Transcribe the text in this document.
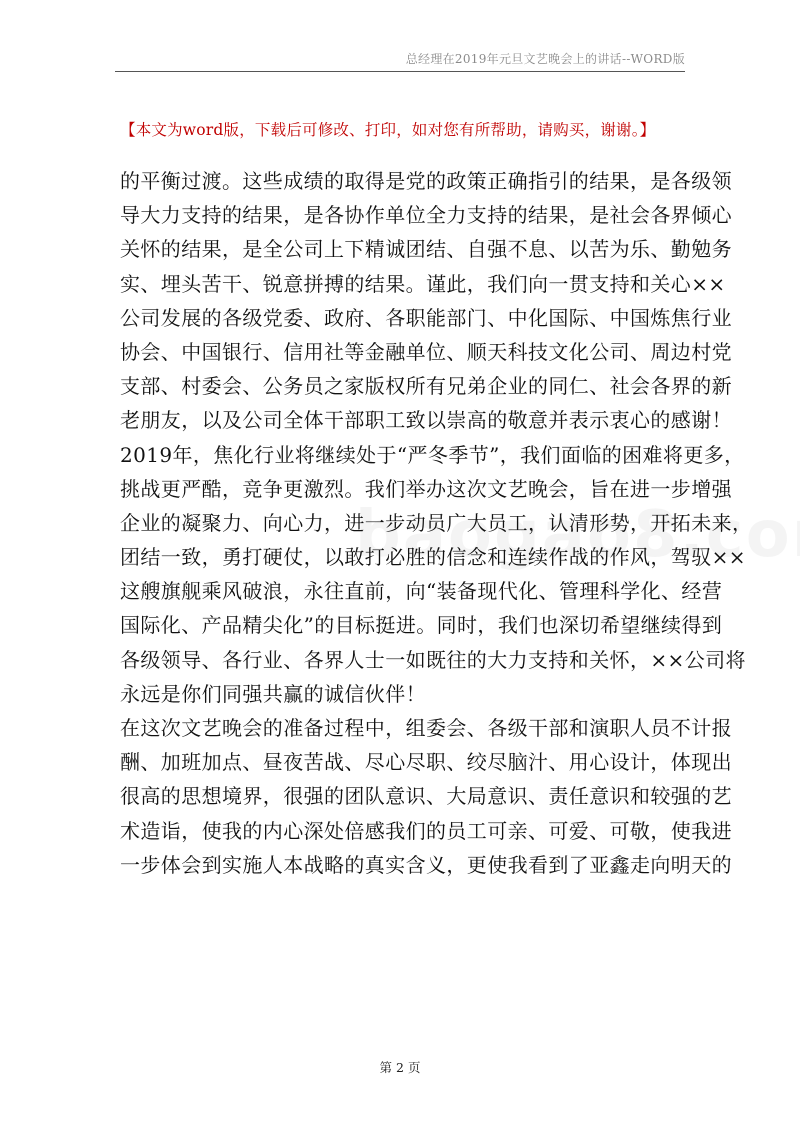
总经理在2019年元旦文艺晚会上的讲话--WORD版
【本文为word版，下载后可修改、打印，如对您有所帮助，请购买，谢谢。】
的平衡过渡。这些成绩的取得是党的政策正确指引的结果，是各级领
导大力支持的结果，是各协作单位全力支持的结果，是社会各界倾心
关怀的结果，是全公司上下精诚团结、自强不息、以苦为乐、勤勉务
实、埋头苦干、锐意拼搏的结果。谨此，我们向一贯支持和关心××
公司发展的各级党委、政府、各职能部门、中化国际、中国炼焦行业
协会、中国银行、信用社等金融单位、顺天科技文化公司、周边村党
支部、村委会、公务员之家版权所有兄弟企业的同仁、社会各界的新
老朋友，以及公司全体干部职工致以崇高的敬意并表示衷心的感谢！
2019年，焦化行业将继续处于“严冬季节”，我们面临的困难将更多，
挑战更严酷，竞争更激烈。我们举办这次文艺晚会，旨在进一步增强
企业的凝聚力、向心力，进一步动员广大员工，认清形势，开拓未来，
团结一致，勇打硬仗，以敢打必胜的信念和连续作战的作风，驾驭××
这艘旗舰乘风破浪，永往直前，向“装备现代化、管理科学化、经营
国际化、产品精尖化”的目标挺进。同时，我们也深切希望继续得到
各级领导、各行业、各界人士一如既往的大力支持和关怀，××公司将
永远是你们同强共赢的诚信伙伴！
在这次文艺晚会的准备过程中，组委会、各级干部和演职人员不计报
酬、加班加点、昼夜苦战、尽心尽职、绞尽脑汁、用心设计，体现出
很高的思想境界，很强的团队意识、大局意识、责任意识和较强的艺
术造诣，使我的内心深处倍感我们的员工可亲、可爱、可敬，使我进
一步体会到实施人本战略的真实含义，更使我看到了亚鑫走向明天的
第 2 页
